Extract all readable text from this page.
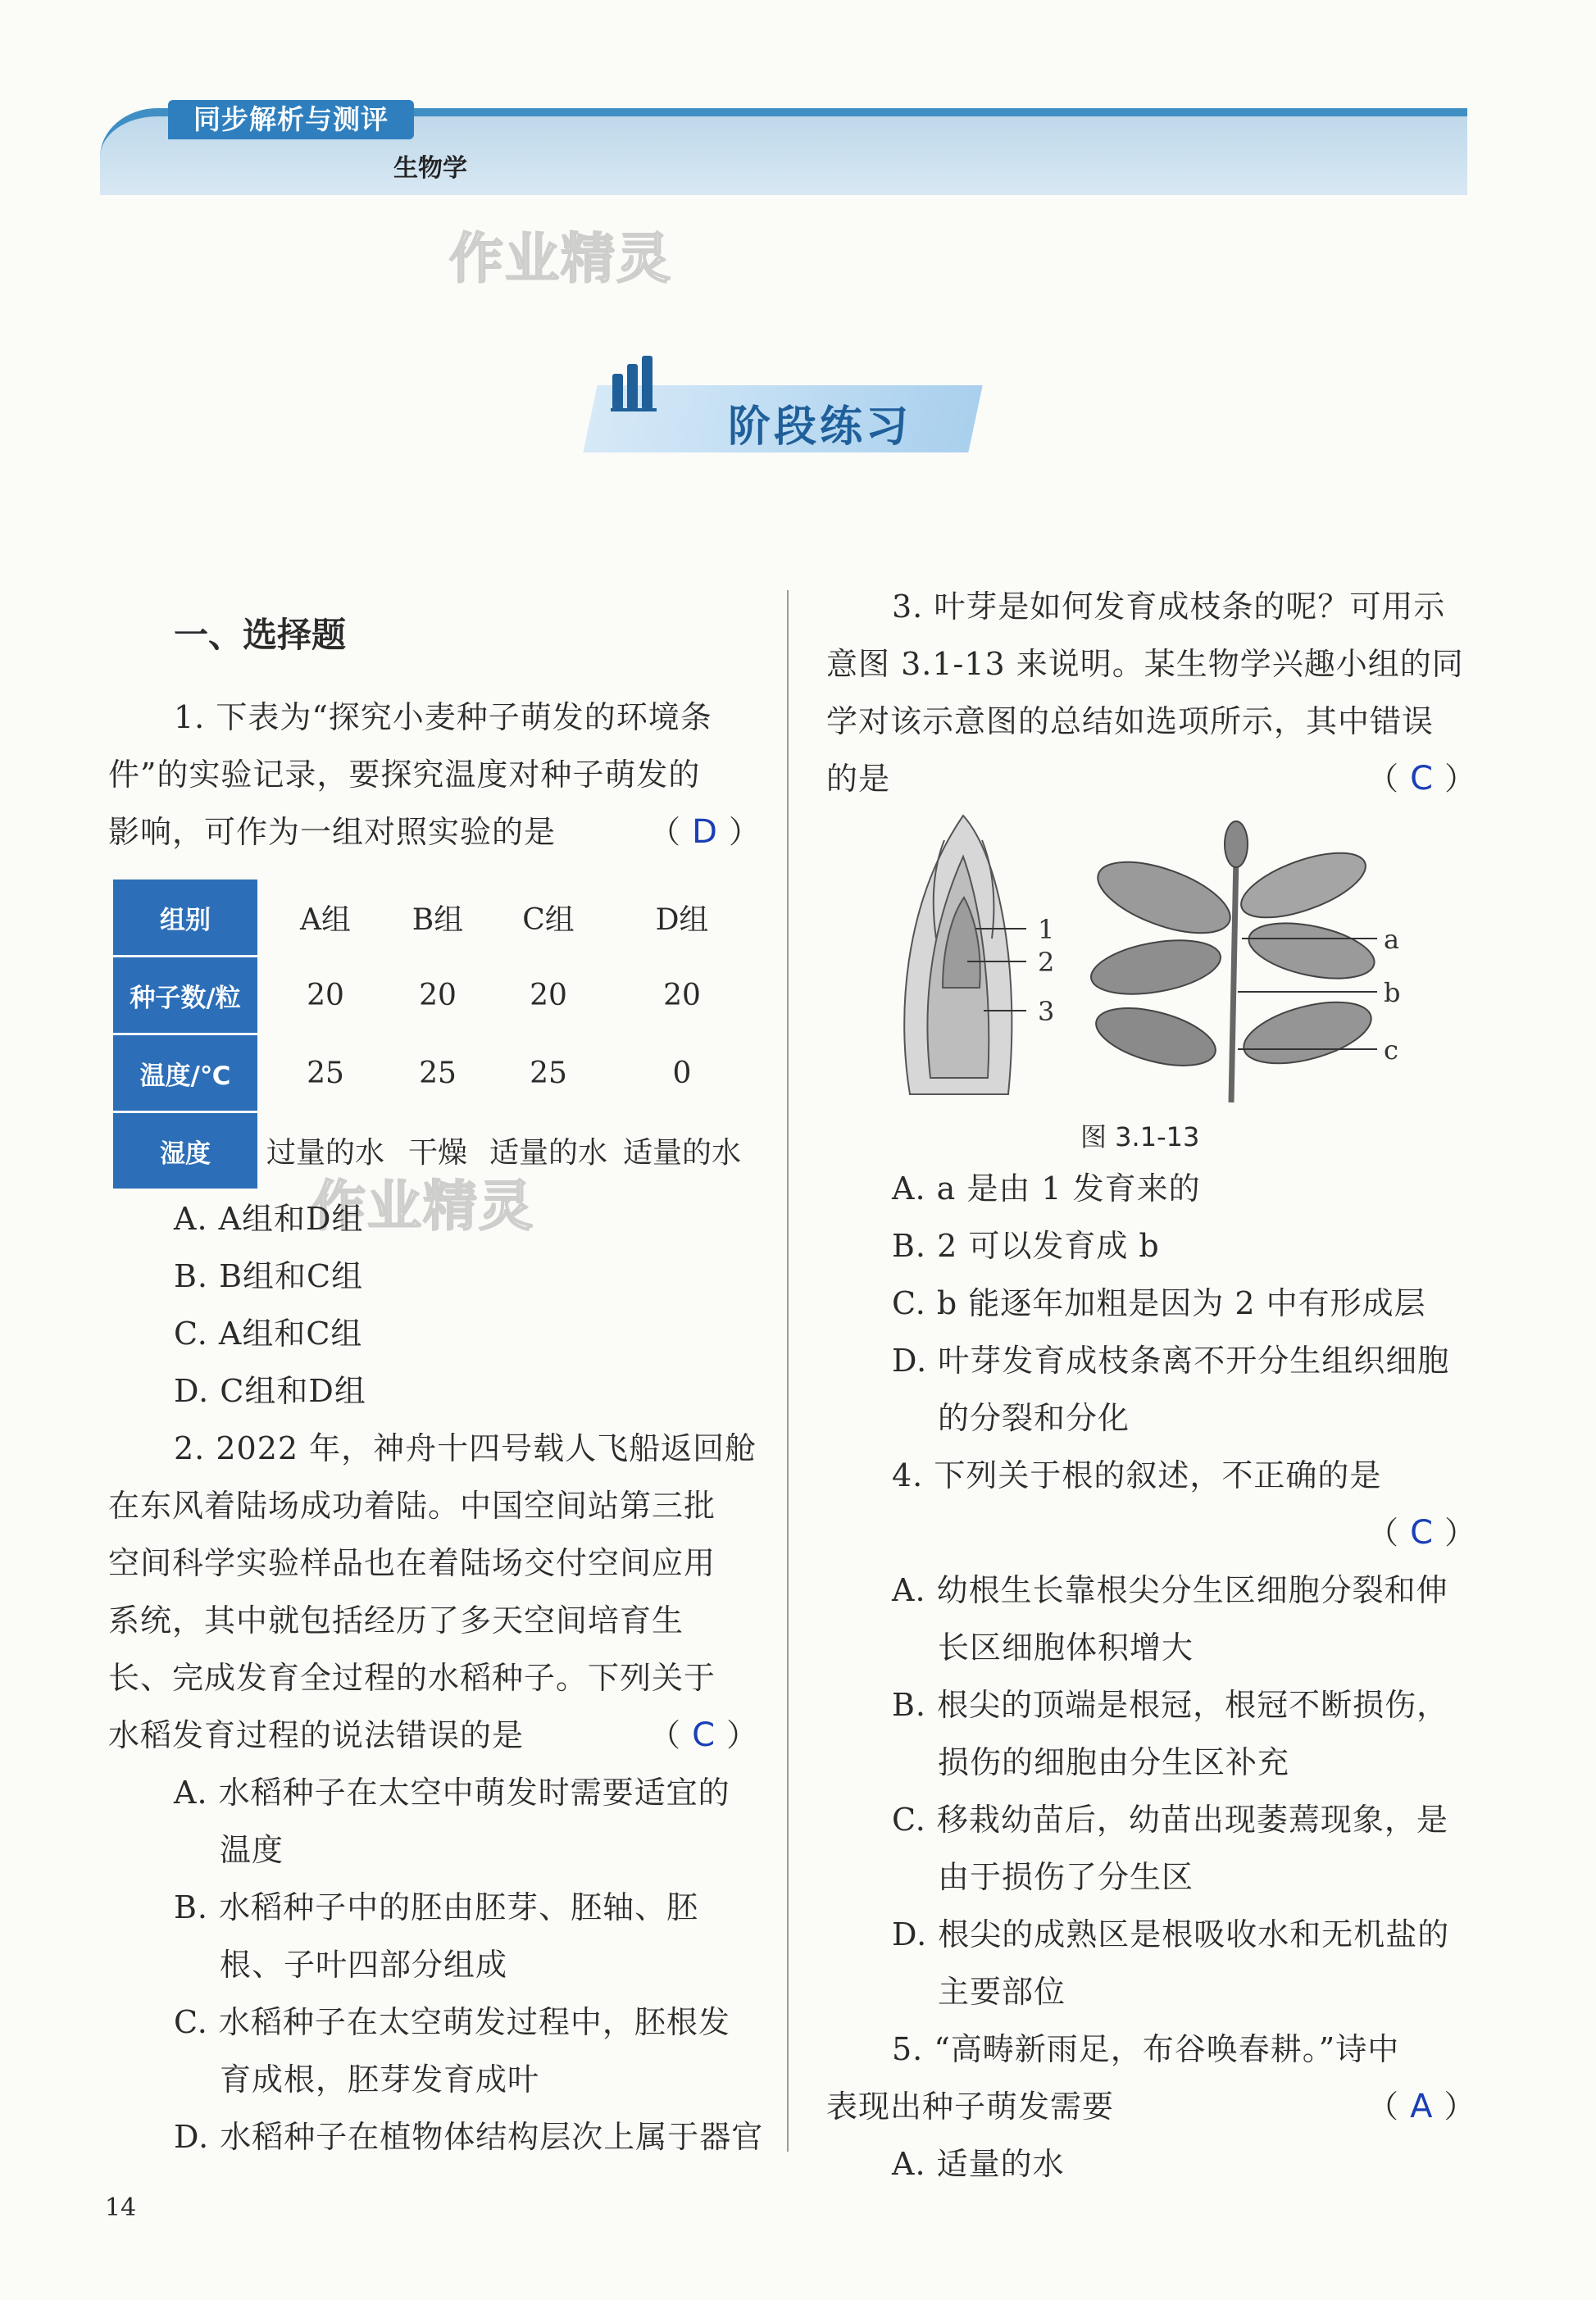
同步解析与测评
生物学
作业精灵
阶段练习
一、选择题
1. 下表为“探究小麦种子萌发的环境条
件”的实验记录，要探究温度对种子萌发的
影响，可作为一组对照实验的是	（ D ）
组别	A组	B组	C组	D组
种子数/粒	20	20	20	20
温度/℃	25	25	25	0
湿度	过量的水	干燥	适量的水	适量的水
作业精灵
A. A组和D组
B. B组和C组
C. A组和C组
D. C组和D组
2. 2022 年，神舟十四号载人飞船返回舱
在东风着陆场成功着陆。中国空间站第三批
空间科学实验样品也在着陆场交付空间应用
系统，其中就包括经历了多天空间培育生
长、完成发育全过程的水稻种子。下列关于
水稻发育过程的说法错误的是	（ C ）
A. 水稻种子在太空中萌发时需要适宜的
温度
B. 水稻种子中的胚由胚芽、胚轴、胚
根、子叶四部分组成
C. 水稻种子在太空萌发过程中，胚根发
育成根，胚芽发育成叶
D. 水稻种子在植物体结构层次上属于器官
3. 叶芽是如何发育成枝条的呢？可用示
意图 3.1-13 来说明。某生物学兴趣小组的同
学对该示意图的总结如选项所示，其中错误
的是	（ C ）
1
2
3
a
b
c
图 3.1-13
A. a 是由 1 发育来的
B. 2 可以发育成 b
C. b 能逐年加粗是因为 2 中有形成层
D. 叶芽发育成枝条离不开分生组织细胞
的分裂和分化
4. 下列关于根的叙述，不正确的是
（ C ）
A. 幼根生长靠根尖分生区细胞分裂和伸
长区细胞体积增大
B. 根尖的顶端是根冠，根冠不断损伤，
损伤的细胞由分生区补充
C. 移栽幼苗后，幼苗出现萎蔫现象，是
由于损伤了分生区
D. 根尖的成熟区是根吸收水和无机盐的
主要部位
5. “高畴新雨足，布谷唤春耕。”诗中
表现出种子萌发需要	（ A ）
A. 适量的水
14
